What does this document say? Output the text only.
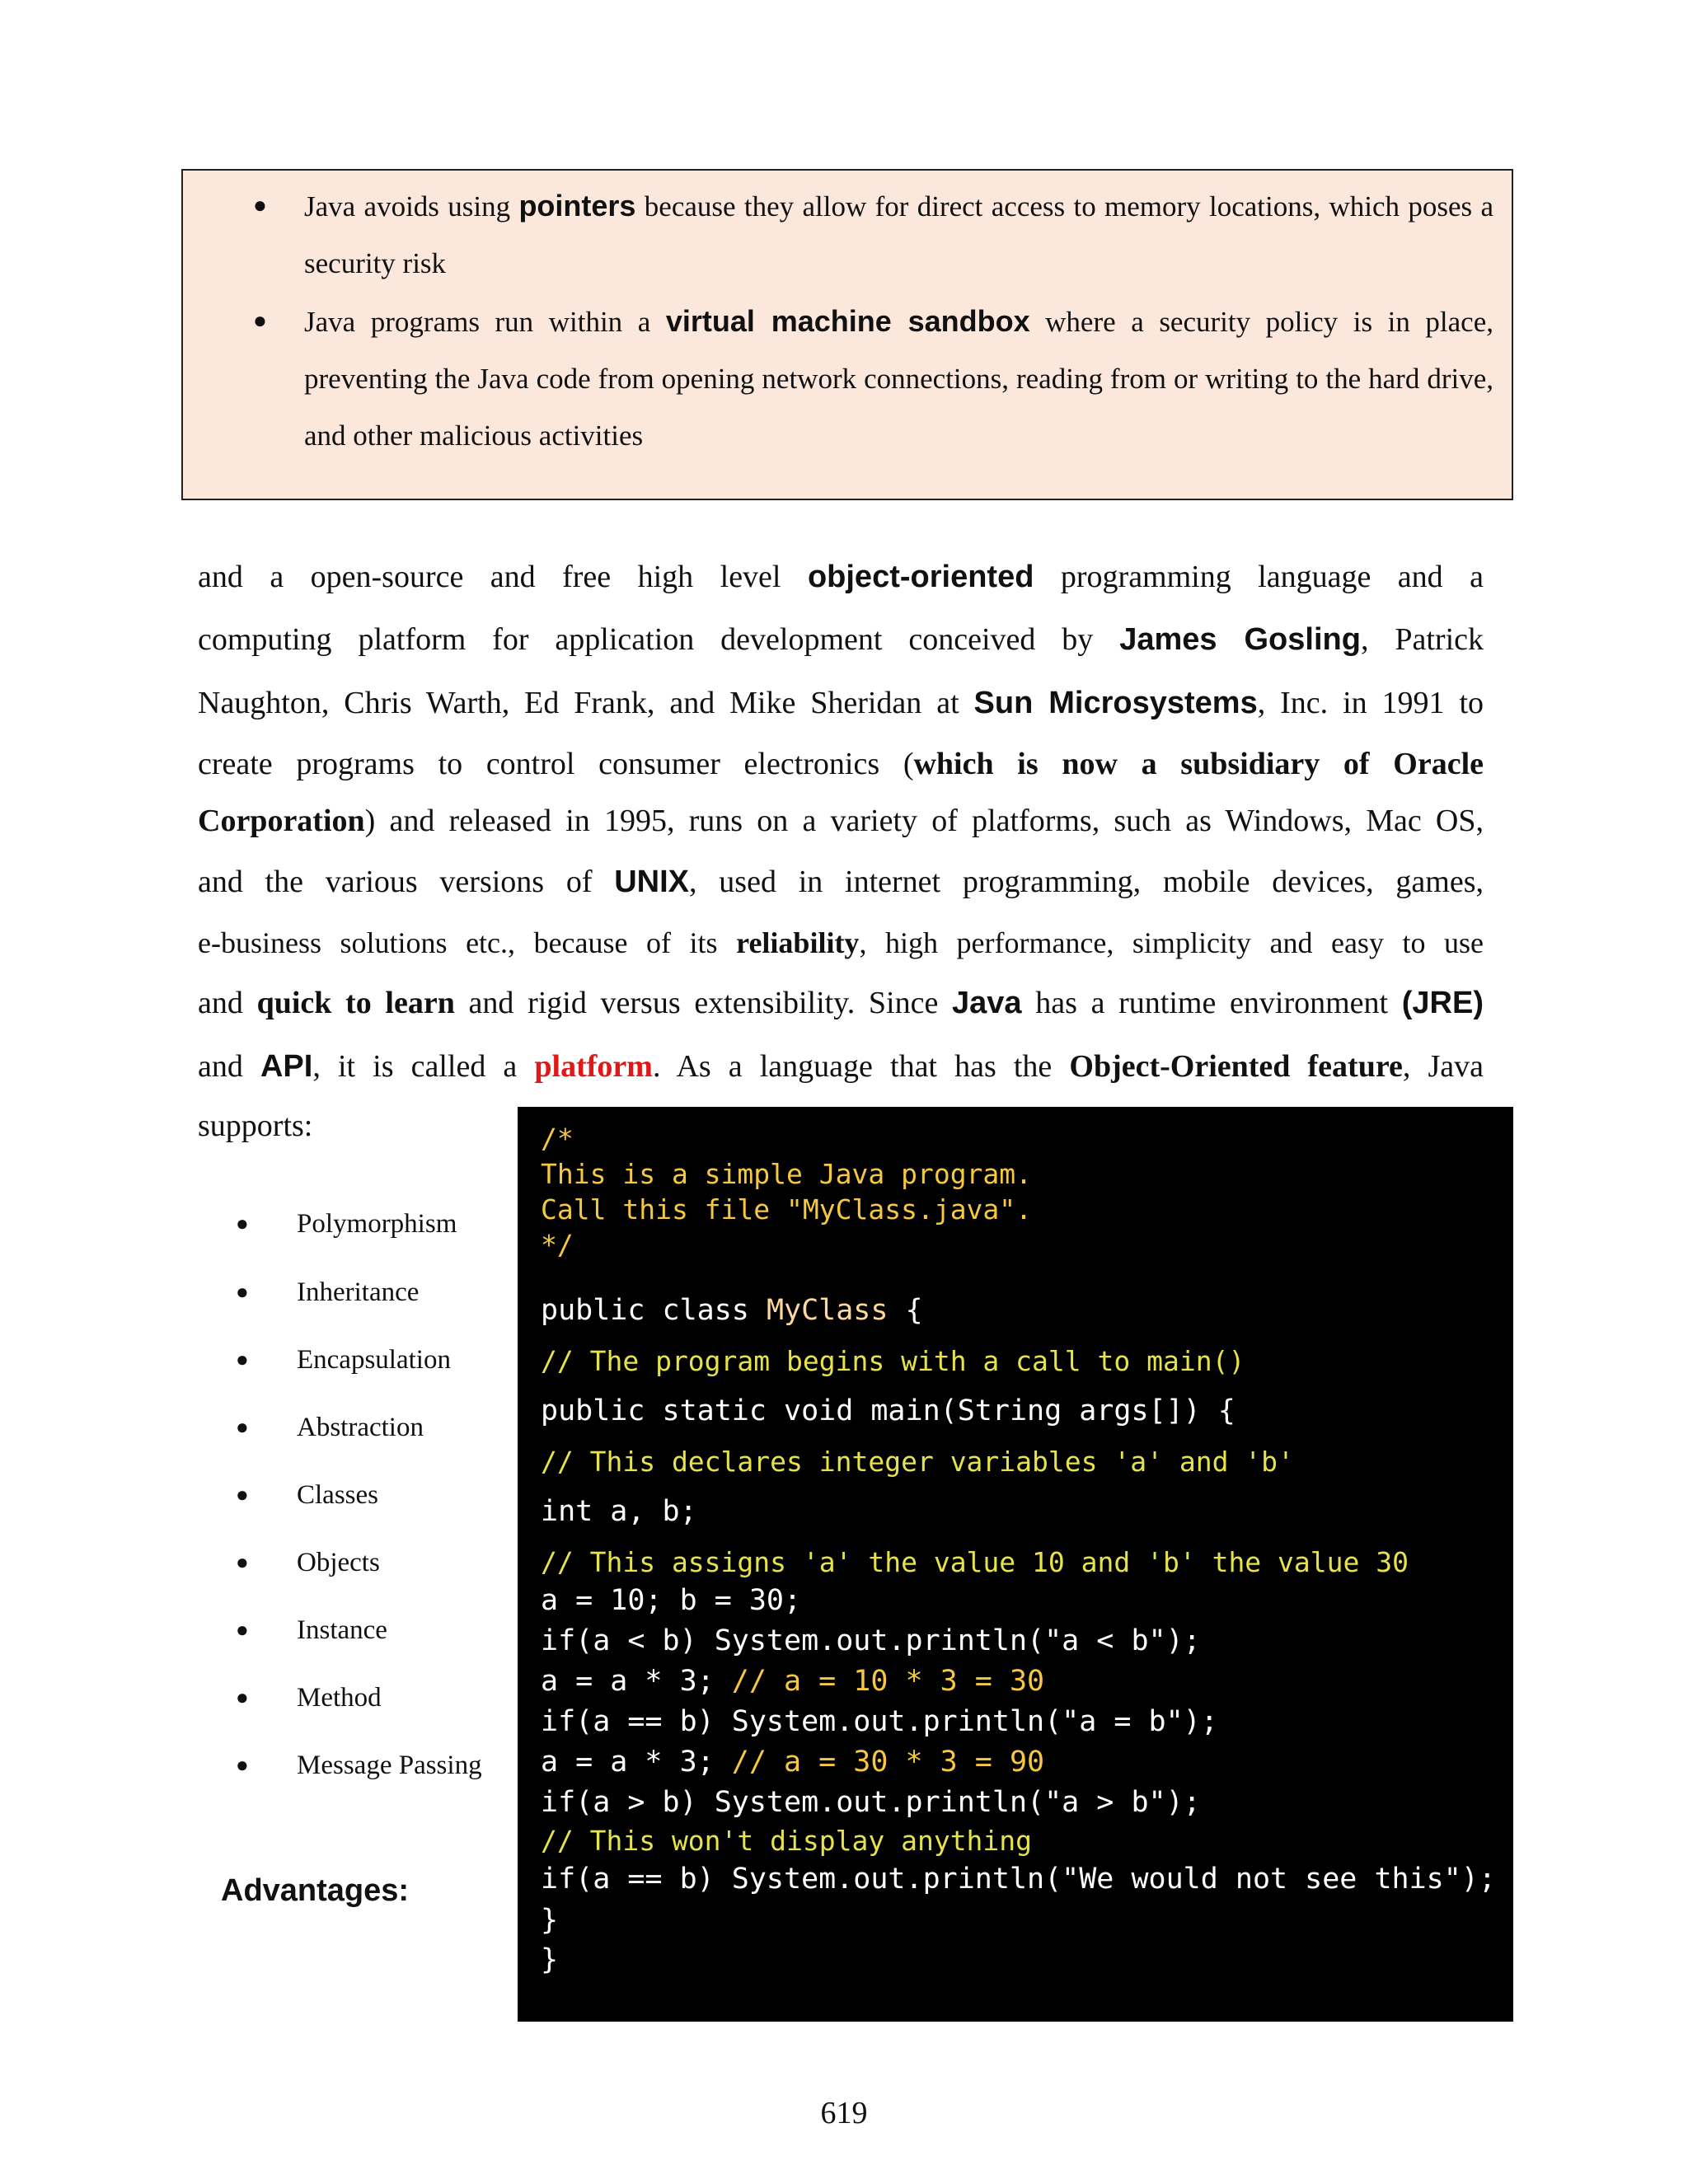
● Java avoids using pointers because they allow for direct access to memory locations, which poses a security risk
● Java programs run within a virtual machine sandbox where a security policy is in place, preventing the Java code from opening network connections, reading from or writing to the hard drive, and other malicious activities
and a open-source and free high level object-oriented programming language and a
computing platform for application development conceived by James Gosling, Patrick
Naughton, Chris Warth, Ed Frank, and Mike Sheridan at Sun Microsystems, Inc. in 1991 to
create programs to control consumer electronics (which is now a subsidiary of Oracle
Corporation) and released in 1995, runs on a variety of platforms, such as Windows, Mac OS,
and the various versions of UNIX, used in internet programming, mobile devices, games,
e-business solutions etc., because of its reliability, high performance, simplicity and easy to use
and quick to learn and rigid versus extensibility. Since Java has a runtime environment (JRE)
and API, it is called a platform. As a language that has the Object-Oriented feature, Java
supports:
● Polymorphism
● Inheritance
● Encapsulation
● Abstraction
● Classes
● Objects
● Instance
● Method
● Message Passing
Advantages:
/*
This is a simple Java program.
Call this file "MyClass.java".
*/
public class MyClass {
// The program begins with a call to main()
public static void main(String args[]) {
// This declares integer variables 'a' and 'b'
int a, b;
// This assigns 'a' the value 10 and 'b' the value 30
a = 10; b = 30;
if(a < b) System.out.println("a < b");
a = a * 3; // a = 10 * 3 = 30
if(a == b) System.out.println("a = b");
a = a * 3; // a = 30 * 3 = 90
if(a > b) System.out.println("a > b");
// This won't display anything
if(a == b) System.out.println("We would not see this");
}
}
619
